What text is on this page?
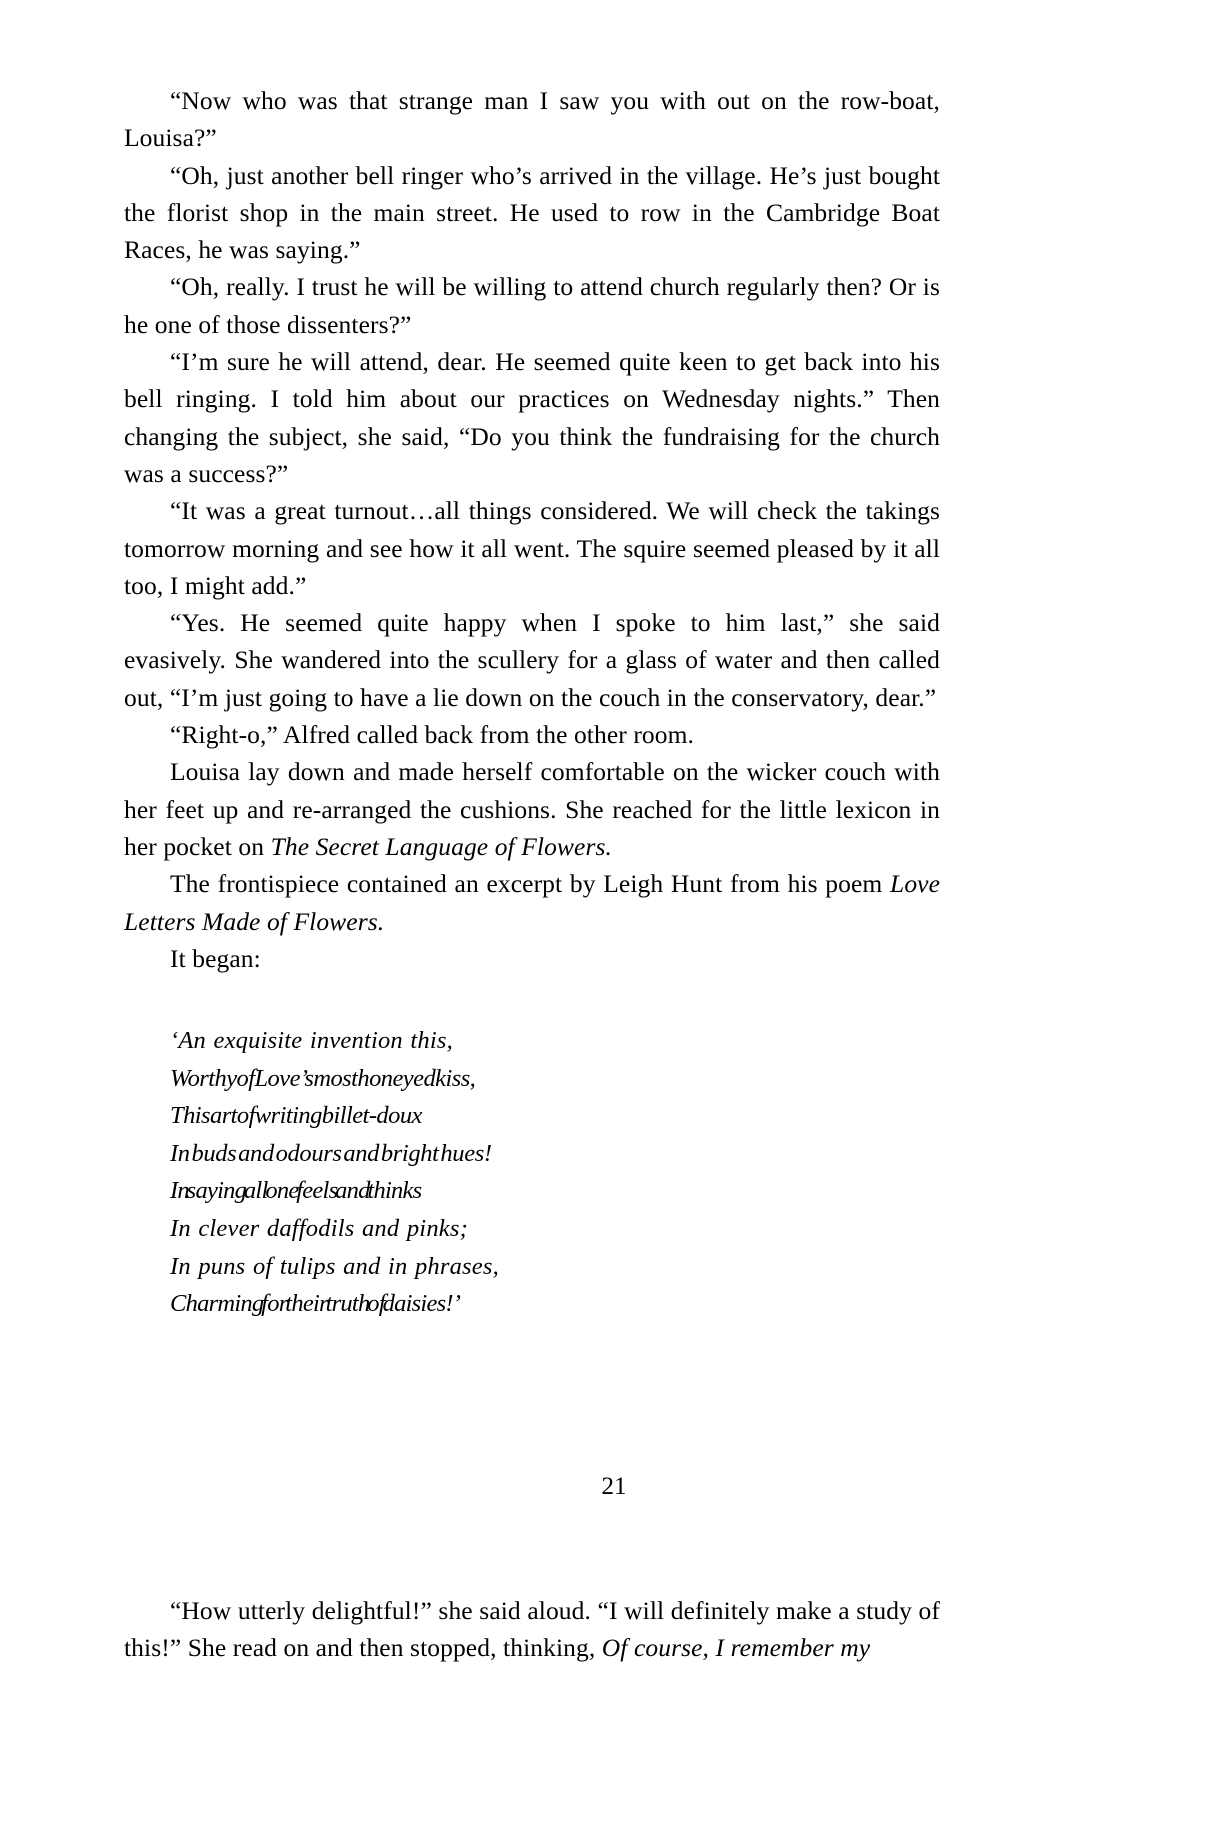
“Now who was that strange man I saw you with out on the row-boat, Louisa?”

“Oh, just another bell ringer who’s arrived in the village. He’s just bought the florist shop in the main street. He used to row in the Cambridge Boat Races, he was saying.”

“Oh, really. I trust he will be willing to attend church regularly then? Or is he one of those dissenters?”

“I’m sure he will attend, dear. He seemed quite keen to get back into his bell ringing. I told him about our practices on Wednesday nights.” Then changing the subject, she said, “Do you think the fundraising for the church was a success?”

“It was a great turnout…all things considered. We will check the takings tomorrow morning and see how it all went. The squire seemed pleased by it all too, I might add.”

“Yes. He seemed quite happy when I spoke to him last,” she said evasively. She wandered into the scullery for a glass of water and then called out, “I’m just going to have a lie down on the couch in the conservatory, dear.”

“Right-o,” Alfred called back from the other room.

Louisa lay down and made herself comfortable on the wicker couch with her feet up and re-arranged the cushions. She reached for the little lexicon in her pocket on The Secret Language of Flowers.

The frontispiece contained an excerpt by Leigh Hunt from his poem Love Letters Made of Flowers.

It began:

‘An exquisite invention this,
Worthy of Love’s most honeyed kiss,
This art of writing billet-doux
In buds and odours and bright hues!
In saying all one feels and thinks
In clever daffodils and pinks;
In puns of tulips and in phrases,
Charming for their truth of daisies!’

“How utterly delightful!” she said aloud. “I will definitely make a study of this!” She read on and then stopped, thinking, Of course, I remember my

21
